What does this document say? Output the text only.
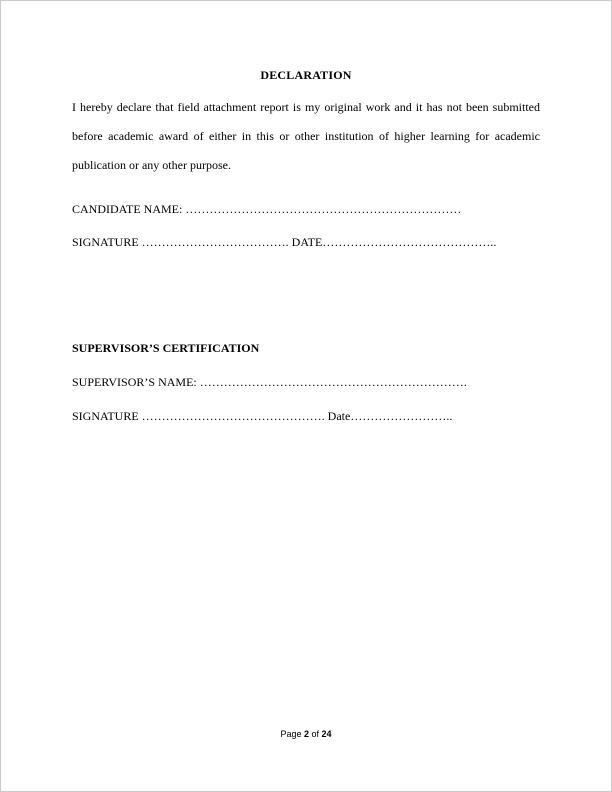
DECLARATION

I hereby declare that field attachment report is my original work and it has not been submitted before academic award of either in this or other institution of higher learning for academic publication or any other purpose.

CANDIDATE NAME: ……………………………………………………………

SIGNATURE ………………………………. DATE……………………………………..

SUPERVISOR’S CERTIFICATION

SUPERVISOR’S NAME: ………………………………………………………….

SIGNATURE ………………………………………. Date……………………..

Page 2 of 24
